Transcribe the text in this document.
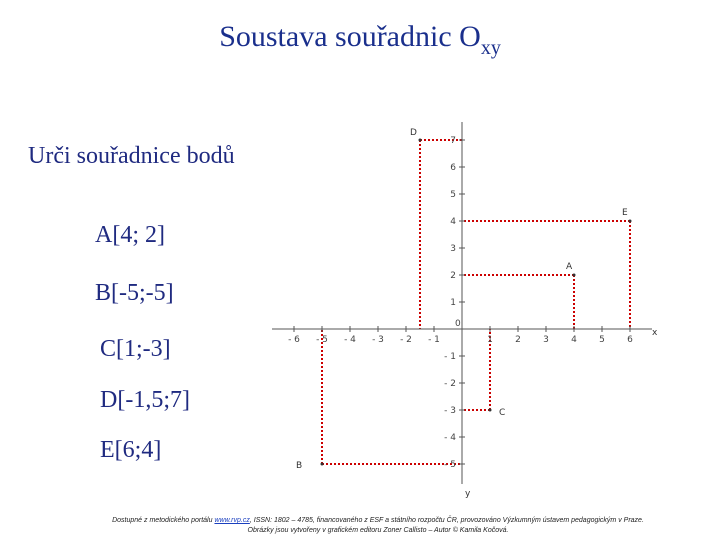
Soustava souřadnic $O_{xy}$
Urči souřadnice bodů
A[4; 2]
B[-5;-5]
C[1;-3]
D[-1,5;7]
E[6;4]
x
y
0
- 6 - 5 - 4 - 3 - 2 - 1	1 2 3 4 5 6
7
6
5
4
3
2
1
- 1
- 2
- 3
- 4
- 5
A
B
C
D
E
Dostupné z metodického portálu www.rvp.cz, ISSN: 1802 – 4785, financovaného z ESF a státního rozpočtu ČR, provozováno Výzkumným ústavem pedagogickým v Praze.
Obrázky jsou vytvořeny v grafickém editoru Zoner Callisto – Autor © Kamila Kočová.
